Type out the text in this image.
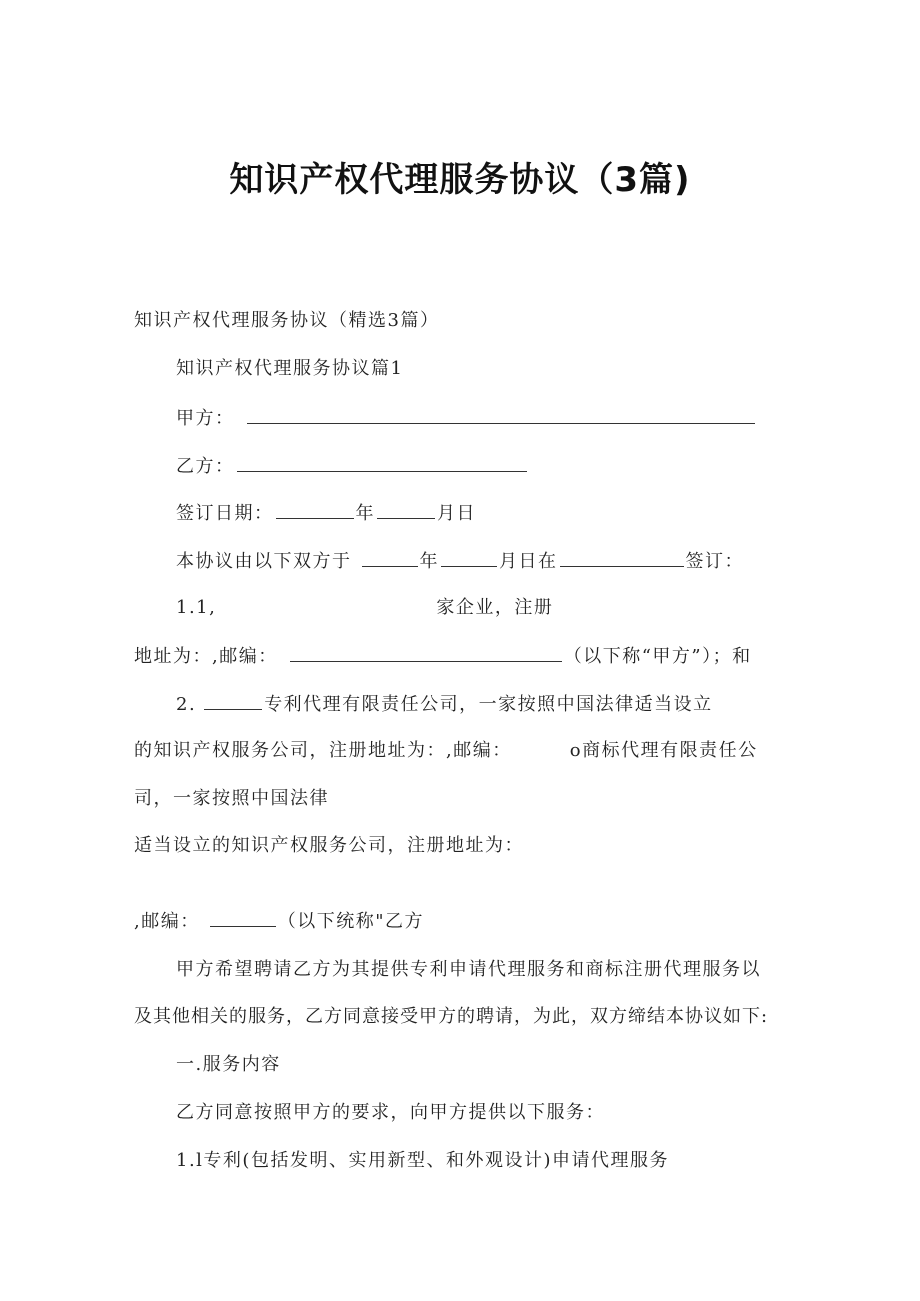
知识产权代理服务协议（3篇)
知识产权代理服务协议（精选3篇）
知识产权代理服务协议篇1
甲方：
乙方：
签订日期：	年	月日
本协议由以下双方于	年	月日在	签订：
1.1,	家企业，注册
地址为：,邮编：	（以下称“甲方”）；和
2.	专利代理有限责任公司，一家按照中国法律适当设立
的知识产权服务公司，注册地址为：,邮编：	o商标代理有限责任公
司，一家按照中国法律
适当设立的知识产权服务公司，注册地址为：
,邮编：	（以下统称"乙方
甲方希望聘请乙方为其提供专利申请代理服务和商标注册代理服务以
及其他相关的服务，乙方同意接受甲方的聘请，为此，双方缔结本协议如下:
一.服务内容
乙方同意按照甲方的要求，向甲方提供以下服务：
1.l专利(包括发明、实用新型、和外观设计)申请代理服务
